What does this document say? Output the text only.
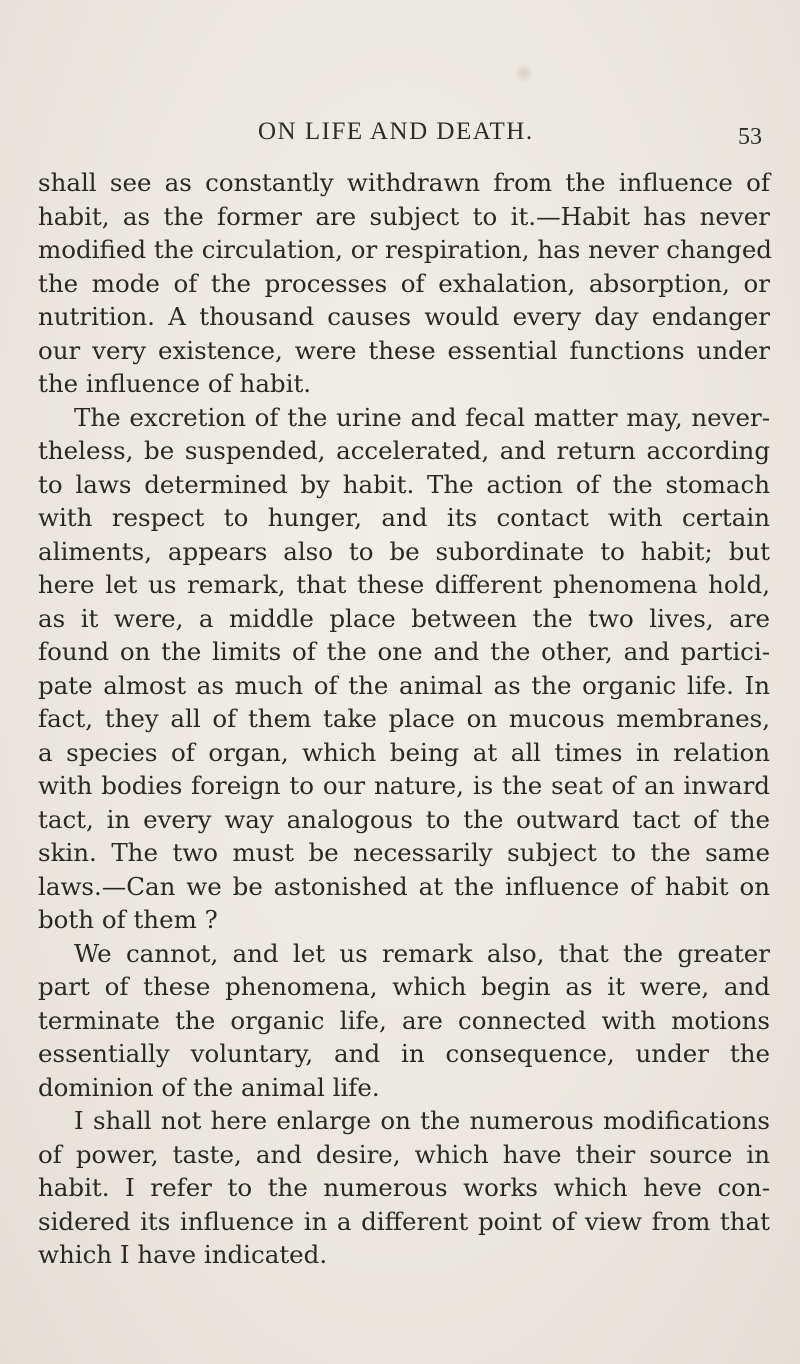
ON LIFE AND DEATH.	53
shall see as constantly withdrawn from the influence of
habit, as the former are subject to it.—Habit has never
modified the circulation, or respiration, has never changed
the mode of the processes of exhalation, absorption, or
nutrition. A thousand causes would every day endanger
our very existence, were these essential functions under
the influence of habit.
The excretion of the urine and fecal matter may, never-
theless, be suspended, accelerated, and return according
to laws determined by habit. The action of the stomach
with respect to hunger, and its contact with certain
aliments, appears also to be subordinate to habit; but
here let us remark, that these different phenomena hold,
as it were, a middle place between the two lives, are
found on the limits of the one and the other, and partici-
pate almost as much of the animal as the organic life. In
fact, they all of them take place on mucous membranes,
a species of organ, which being at all times in relation
with bodies foreign to our nature, is the seat of an inward
tact, in every way analogous to the outward tact of the
skin. The two must be necessarily subject to the same
laws.—Can we be astonished at the influence of habit on
both of them ?
We cannot, and let us remark also, that the greater
part of these phenomena, which begin as it were, and
terminate the organic life, are connected with motions
essentially voluntary, and in consequence, under the
dominion of the animal life.
I shall not here enlarge on the numerous modifications
of power, taste, and desire, which have their source in
habit. I refer to the numerous works which heve con-
sidered its influence in a different point of view from that
which I have indicated.
